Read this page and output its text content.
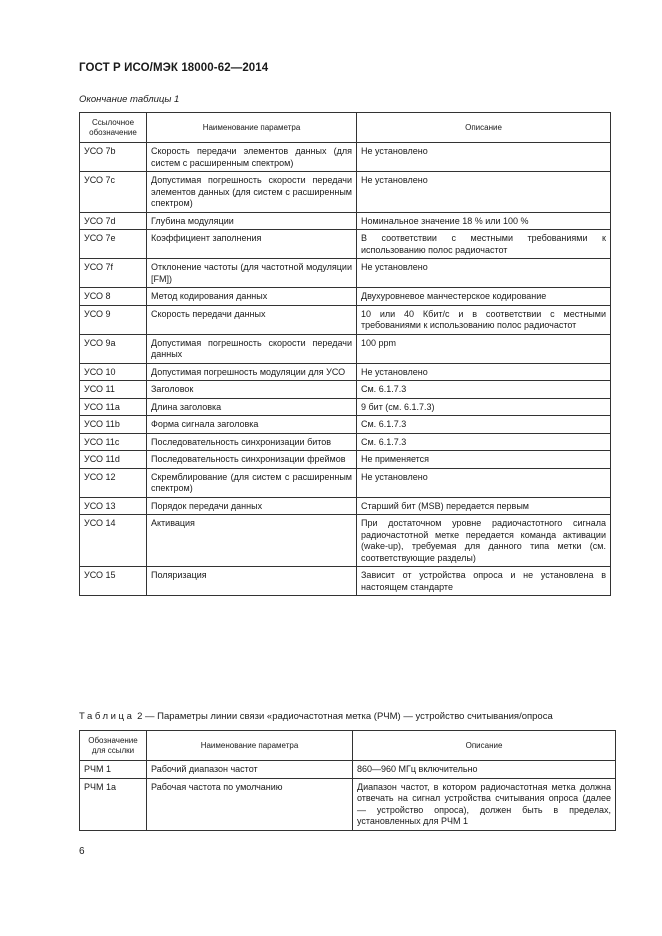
ГОСТ Р ИСО/МЭК 18000-62—2014
Окончание таблицы 1
Ссылочное обозначение	Наименование параметра	Описание
УСО 7b	Скорость передачи элементов данных (для систем с расширенным спектром)	Не установлено
УСО 7с	Допустимая погрешность скорости передачи элементов данных (для систем с расширенным спектром)	Не установлено
УСО 7d	Глубина модуляции	Номинальное значение 18 % или 100 %
УСО 7е	Коэффициент заполнения	В соответствии с местными требованиями к использованию полос радиочастот
УСО 7f	Отклонение частоты (для частотной модуляции [FM])	Не установлено
УСО 8	Метод кодирования данных	Двухуровневое манчестерское кодирование
УСО 9	Скорость передачи данных	10 или 40 Кбит/с и в соответствии с местными требованиями к использованию полос радиочастот
УСО 9а	Допустимая погрешность скорости передачи данных	100 ppm
УСО 10	Допустимая погрешность модуляции для УСО	Не установлено
УСО 11	Заголовок	См. 6.1.7.3
УСО 11а	Длина заголовка	9 бит (см. 6.1.7.3)
УСО 11b	Форма сигнала заголовка	См. 6.1.7.3
УСО 11с	Последовательность синхронизации битов	См. 6.1.7.3
УСО 11d	Последовательность синхронизации фреймов	Не применяется
УСО 12	Скремблирование (для систем с расширенным спектром)	Не установлено
УСО 13	Порядок передачи данных	Старший бит (MSB) передается первым
УСО 14	Активация	При достаточном уровне радиочастотного сигнала радиочастотной метке передается команда активации (wake-up), требуемая для данного типа метки (см. соответствующие разделы)
УСО 15	Поляризация	Зависит от устройства опроса и не установлена в настоящем стандарте
Таблица 2 — Параметры линии связи «радиочастотная метка (РЧМ) — устройство считывания/опроса
Обозначение для ссылки	Наименование параметра	Описание
РЧМ 1	Рабочий диапазон частот	860—960 МГц включительно
РЧМ 1а	Рабочая частота по умолчанию	Диапазон частот, в котором радиочастотная метка должна отвечать на сигнал устройства считывания опроса (далее — устройство опроса), должен быть в пределах, установленных для РЧМ 1
6
